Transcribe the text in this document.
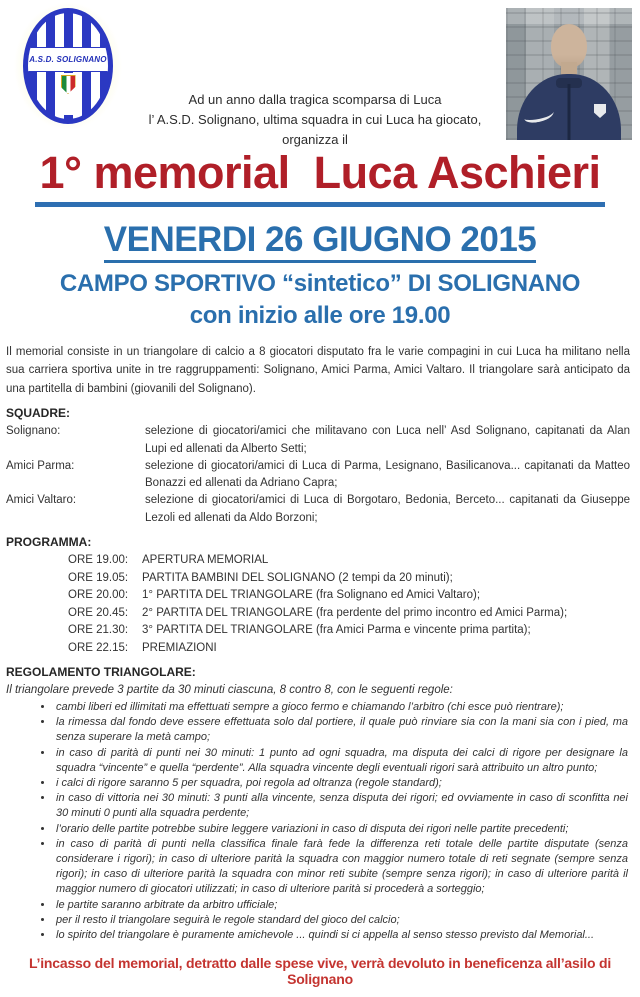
A.S.D. SOLIGNANO
Ad un anno dalla tragica scomparsa di Luca
l’ A.S.D. Solignano, ultima squadra in cui Luca ha giocato, organizza il
1° memorial  Luca Aschieri
VENERDI 26 GIUGNO 2015
CAMPO SPORTIVO “sintetico” DI SOLIGNANO
con inizio alle ore 19.00

Il memorial consiste in un triangolare di calcio a 8 giocatori disputato fra le varie compagini in cui Luca ha militano nella sua carriera sportiva unite in tre raggruppamenti: Solignano, Amici Parma, Amici Valtaro. Il triangolare sarà anticipato da una partitella di bambini (giovanili del Solignano).

SQUADRE:
Solignano:	selezione di giocatori/amici che militavano con Luca nell’ Asd Solignano, capitanati da Alan Lupi ed allenati da Alberto Setti;
Amici Parma:	selezione di giocatori/amici di Luca di Parma, Lesignano, Basilicanova... capitanati da Matteo Bonazzi ed allenati da Adriano Capra;
Amici Valtaro:	selezione di giocatori/amici di Luca di Borgotaro, Bedonia, Berceto... capitanati da Giuseppe Lezoli ed allenati da Aldo Borzoni;
PROGRAMMA:
ORE 19.00:	APERTURA MEMORIAL
ORE 19.05:	PARTITA BAMBINI DEL SOLIGNANO (2 tempi da 20 minuti);
ORE 20.00:	1° PARTITA DEL TRIANGOLARE (fra Solignano ed Amici Valtaro);
ORE 20.45:	2° PARTITA DEL TRIANGOLARE (fra perdente del primo incontro ed Amici Parma);
ORE 21.30:	3° PARTITA DEL TRIANGOLARE (fra Amici Parma e vincente prima partita);
ORE 22.15:	PREMIAZIONI
REGOLAMENTO TRIANGOLARE:
Il triangolare prevede 3 partite da 30 minuti ciascuna, 8 contro 8, con le seguenti regole:
• cambi liberi ed illimitati ma effettuati sempre a gioco fermo e chiamando l’arbitro (chi esce può rientrare);
• la rimessa dal fondo deve essere effettuata solo dal portiere, il quale può rinviare sia con la mani sia con i pied, ma senza superare la metà campo;
• in caso di parità di punti nei 30 minuti: 1 punto ad ogni squadra, ma disputa dei calci di rigore per designare la squadra “vincente” e quella “perdente”. Alla squadra vincente degli eventuali rigori sarà attribuito un altro punto;
• i calci di rigore saranno 5 per squadra, poi regola ad oltranza (regole standard);
• in caso di vittoria nei 30 minuti: 3 punti alla vincente, senza disputa dei rigori; ed ovviamente in caso di sconfitta nei 30 minuti 0 punti alla squadra perdente;
• l’orario delle partite potrebbe subire leggere variazioni in caso di disputa dei rigori nelle partite precedenti;
• in caso di parità di punti nella classifica finale farà fede la differenza reti totale delle partite disputate (senza considerare i rigori); in caso di ulteriore parità la squadra con maggior numero totale di reti segnate (sempre senza rigori); in caso di ulteriore parità la squadra con minor reti subite (sempre senza rigori); in caso di ulteriore parità il maggior numero di giocatori utilizzati; in caso di ulteriore parità si procederà a sorteggio;
• le partite saranno arbitrate da arbitro ufficiale;
• per il resto il triangolare seguirà le regole standard del gioco del calcio;
• lo spirito del triangolare è puramente amichevole ... quindi si ci appella al senso stesso previsto dal Memorial...
L’incasso del memorial, detratto dalle spese vive, verrà devoluto in beneficenza all’asilo di Solignano
